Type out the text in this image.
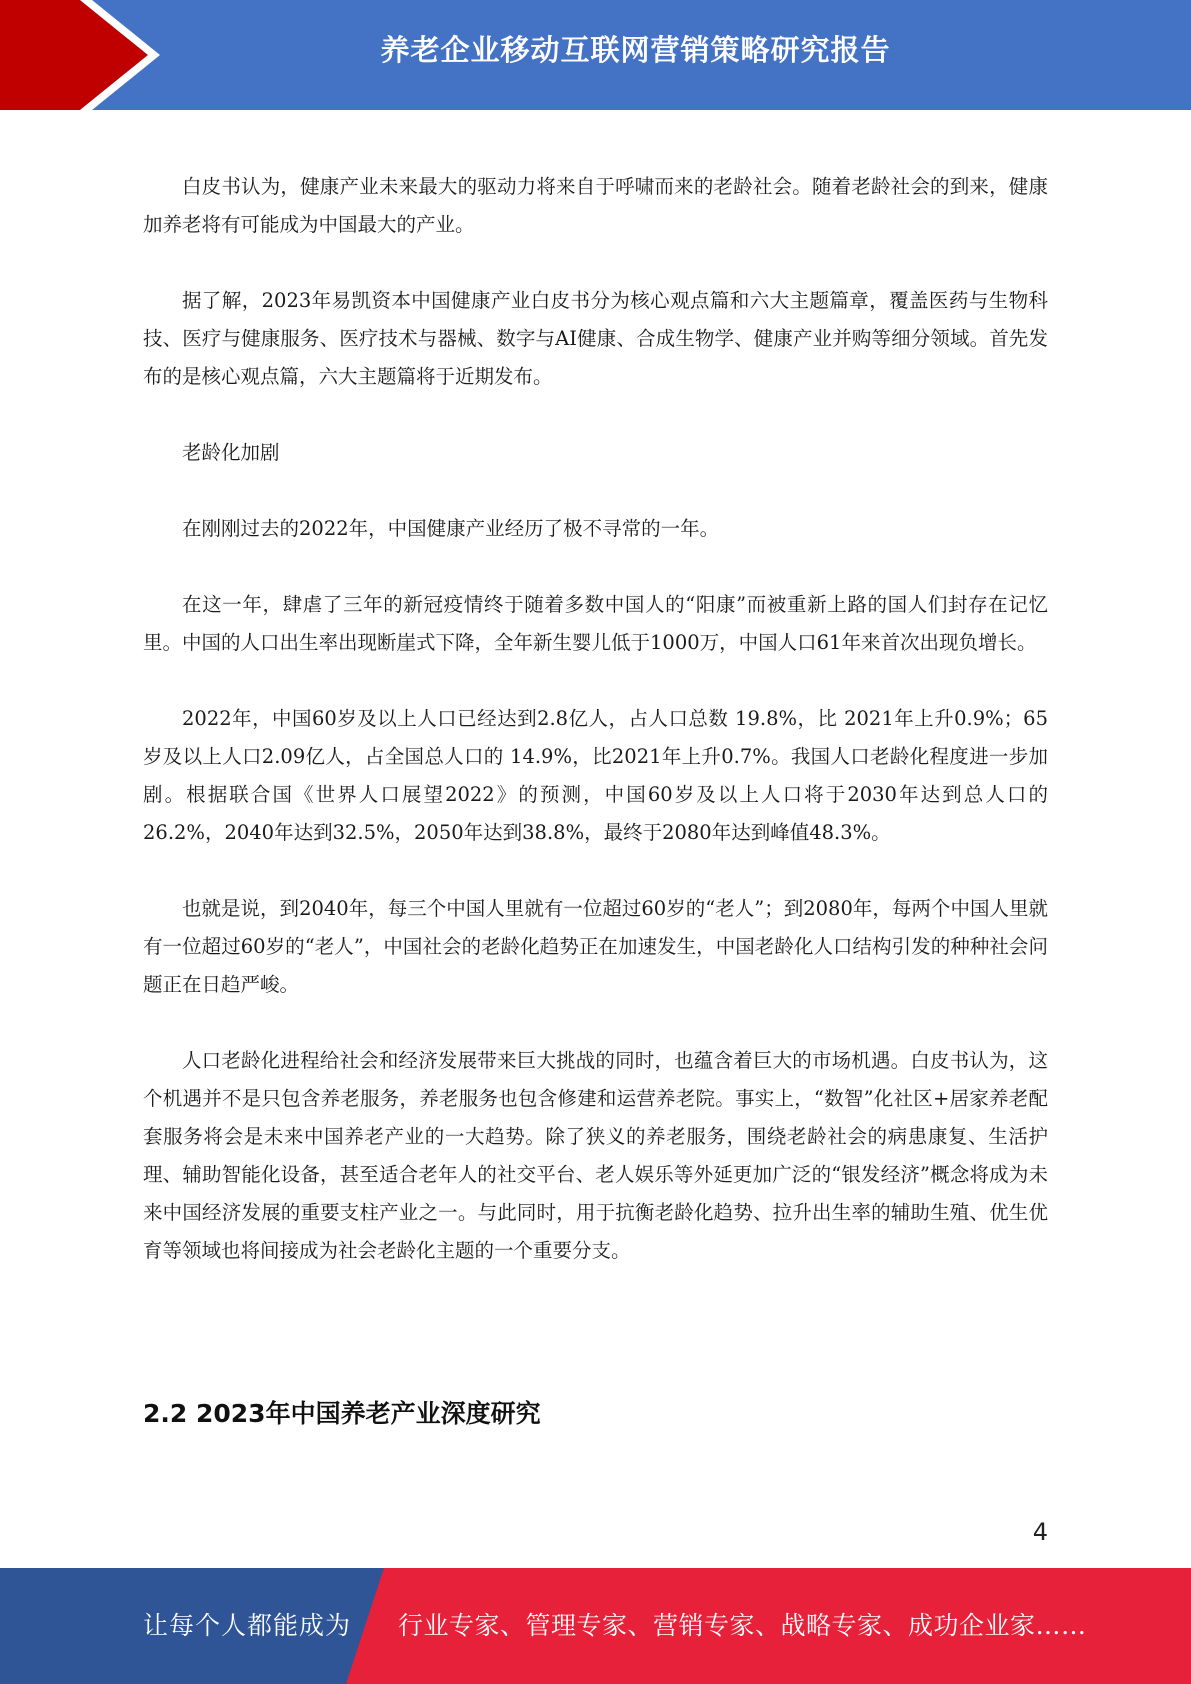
养老企业移动互联网营销策略研究报告

白皮书认为，健康产业未来最大的驱动力将来自于呼啸而来的老龄社会。随着老龄社会的到来，健康加养老将有可能成为中国最大的产业。

据了解，2023年易凯资本中国健康产业白皮书分为核心观点篇和六大主题篇章，覆盖医药与生物科技、医疗与健康服务、医疗技术与器械、数字与AI健康、合成生物学、健康产业并购等细分领域。首先发布的是核心观点篇，六大主题篇将于近期发布。

老龄化加剧

在刚刚过去的2022年，中国健康产业经历了极不寻常的一年。

在这一年，肆虐了三年的新冠疫情终于随着多数中国人的“阳康”而被重新上路的国人们封存在记忆里。中国的人口出生率出现断崖式下降，全年新生婴儿低于1000万，中国人口61年来首次出现负增长。

2022年，中国60岁及以上人口已经达到2.8亿人，占人口总数 19.8%，比 2021年上升0.9%；65岁及以上人口2.09亿人，占全国总人口的 14.9%，比2021年上升0.7%。我国人口老龄化程度进一步加剧。根据联合国《世界人口展望2022》的预测，中国60岁及以上人口将于2030年达到总人口的26.2%，2040年达到32.5%，2050年达到38.8%，最终于2080年达到峰值48.3%。

也就是说，到2040年，每三个中国人里就有一位超过60岁的“老人”；到2080年，每两个中国人里就有一位超过60岁的“老人”，中国社会的老龄化趋势正在加速发生，中国老龄化人口结构引发的种种社会问题正在日趋严峻。

人口老龄化进程给社会和经济发展带来巨大挑战的同时，也蕴含着巨大的市场机遇。白皮书认为，这个机遇并不是只包含养老服务，养老服务也包含修建和运营养老院。事实上，“数智”化社区+居家养老配套服务将会是未来中国养老产业的一大趋势。除了狭义的养老服务，围绕老龄社会的病患康复、生活护理、辅助智能化设备，甚至适合老年人的社交平台、老人娱乐等外延更加广泛的“银发经济”概念将成为未来中国经济发展的重要支柱产业之一。与此同时，用于抗衡老龄化趋势、拉升出生率的辅助生殖、优生优育等领域也将间接成为社会老龄化主题的一个重要分支。

2.2 2023年中国养老产业深度研究
4
让每个人都能成为 行业专家、管理专家、营销专家、战略专家、成功企业家……
